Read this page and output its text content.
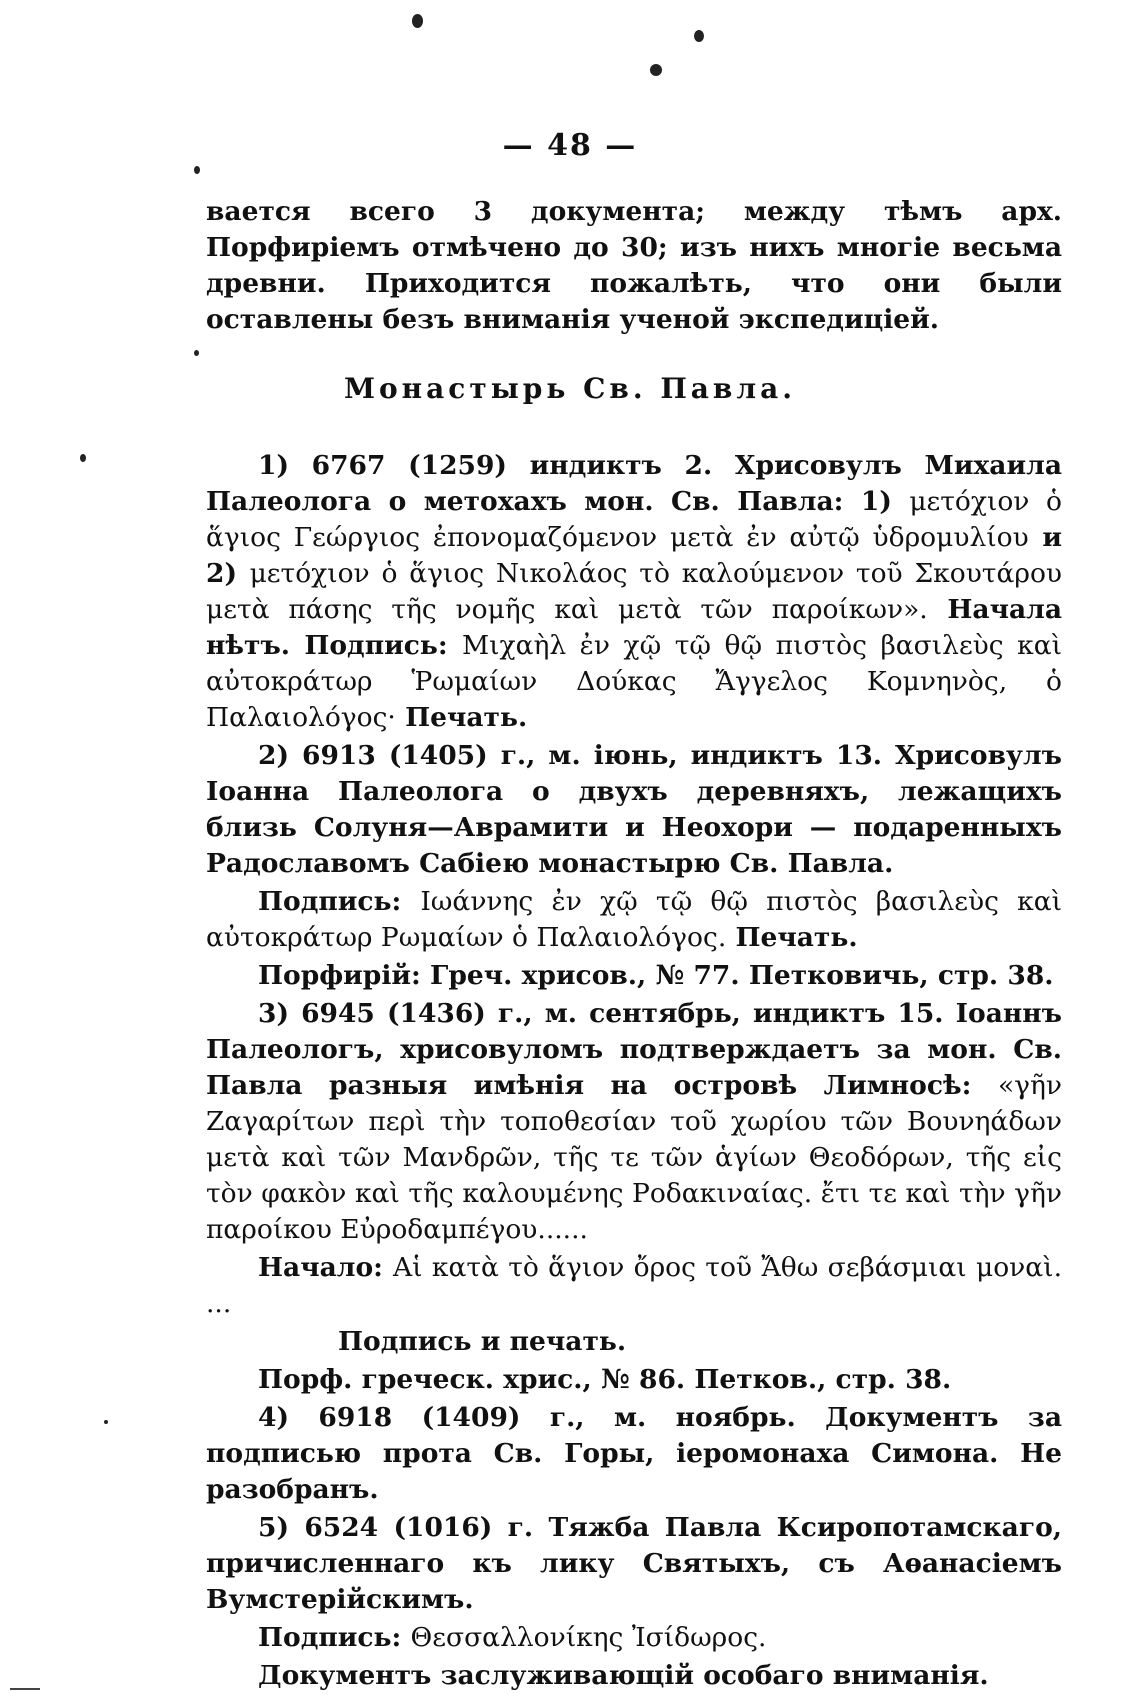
— 48 —

вается всего 3 документа; между тѣмъ арх. Порфиріемъ отмѣчено до 30; изъ нихъ многіе весьма древни. Приходится пожалѣть, что они были оставлены безъ вниманія ученой экспедиціей.

Монастырь Св. Павла.

1) 6767 (1259) индиктъ 2. Хрисовулъ Михаила Палеолога о метохахъ мон. Св. Павла: 1) μετόχιον ὁ ἅγιος Γεώργιος ἐπονομαζόμενον μετὰ ἐν αὐτῷ ὑδρομυλίου и 2) μετόχιον ὁ ἅγιος Νικολάος τὸ καλούμενον τοῦ Σκουτάρου μετὰ πάσης τῆς νομῆς καὶ μετὰ τῶν παροίκων». Начала нѣтъ. Подпись: Μιχαὴλ ἐν χῷ τῷ θῷ πιστὸς βασιλεὺς καὶ αὐτοκράτωρ Ῥωμαίων Δούκας Ἄγγελος Κομνηνὸς, ὁ Παλαιολόγος· Печать.

2) 6913 (1405) г., м. іюнь, индиктъ 13. Хрисовулъ Іоанна Палеолога о двухъ деревняхъ, лежащихъ близь Солуня—Аврамити и Неохори — подаренныхъ Радославомъ Сабіею монастырю Св. Павла.

Подпись: Ιωάννης ἐν χῷ τῷ θῷ πιστὸς βασιλεὺς καὶ αὐτοκράτωρ Ρωμαίων ὁ Παλαιολόγος. Печать.

Порфирій: Греч. хрисов., № 77. Петковичь, стр. 38.

3) 6945 (1436) г., м. сентябрь, индиктъ 15. Іоаннъ Палеологъ, хрисовуломъ подтверждаетъ за мон. Св. Павла разныя имѣнія на островѣ Лимносѣ: «γῆν Ζαγαρίτων περὶ τὴν τοποθεσίαν τοῦ χωρίου τῶν Βουνηάδων μετὰ καὶ τῶν Μανδρῶν, τῆς τε τῶν ἁγίων Θεοδόρων, τῆς εἰς τὸν φακὸν καὶ τῆς καλουμένης Ροδακιναίας. ἔτι τε καὶ τὴν γῆν παροίκου Εὐροδαμπέγου......

Начало: Αἱ κατὰ τὸ ἅγιον ὄρος τοῦ Ἄθω σεβάσμιαι μοναὶ. ...

Подпись и печать.

Порф. греческ. хрис., № 86. Петков., стр. 38.

4) 6918 (1409) г., м. ноябрь. Документъ за подписью прота Св. Горы, іеромонаха Симона. Не разобранъ.

5) 6524 (1016) г. Тяжба Павла Ксиропотамскаго, причисленнаго къ лику Святыхъ, съ Аѳанасіемъ Вумстерійскимъ.

Подпись: Θεσσαλλονίκης Ἰσίδωρος.

Документъ заслуживающій особаго вниманія.
